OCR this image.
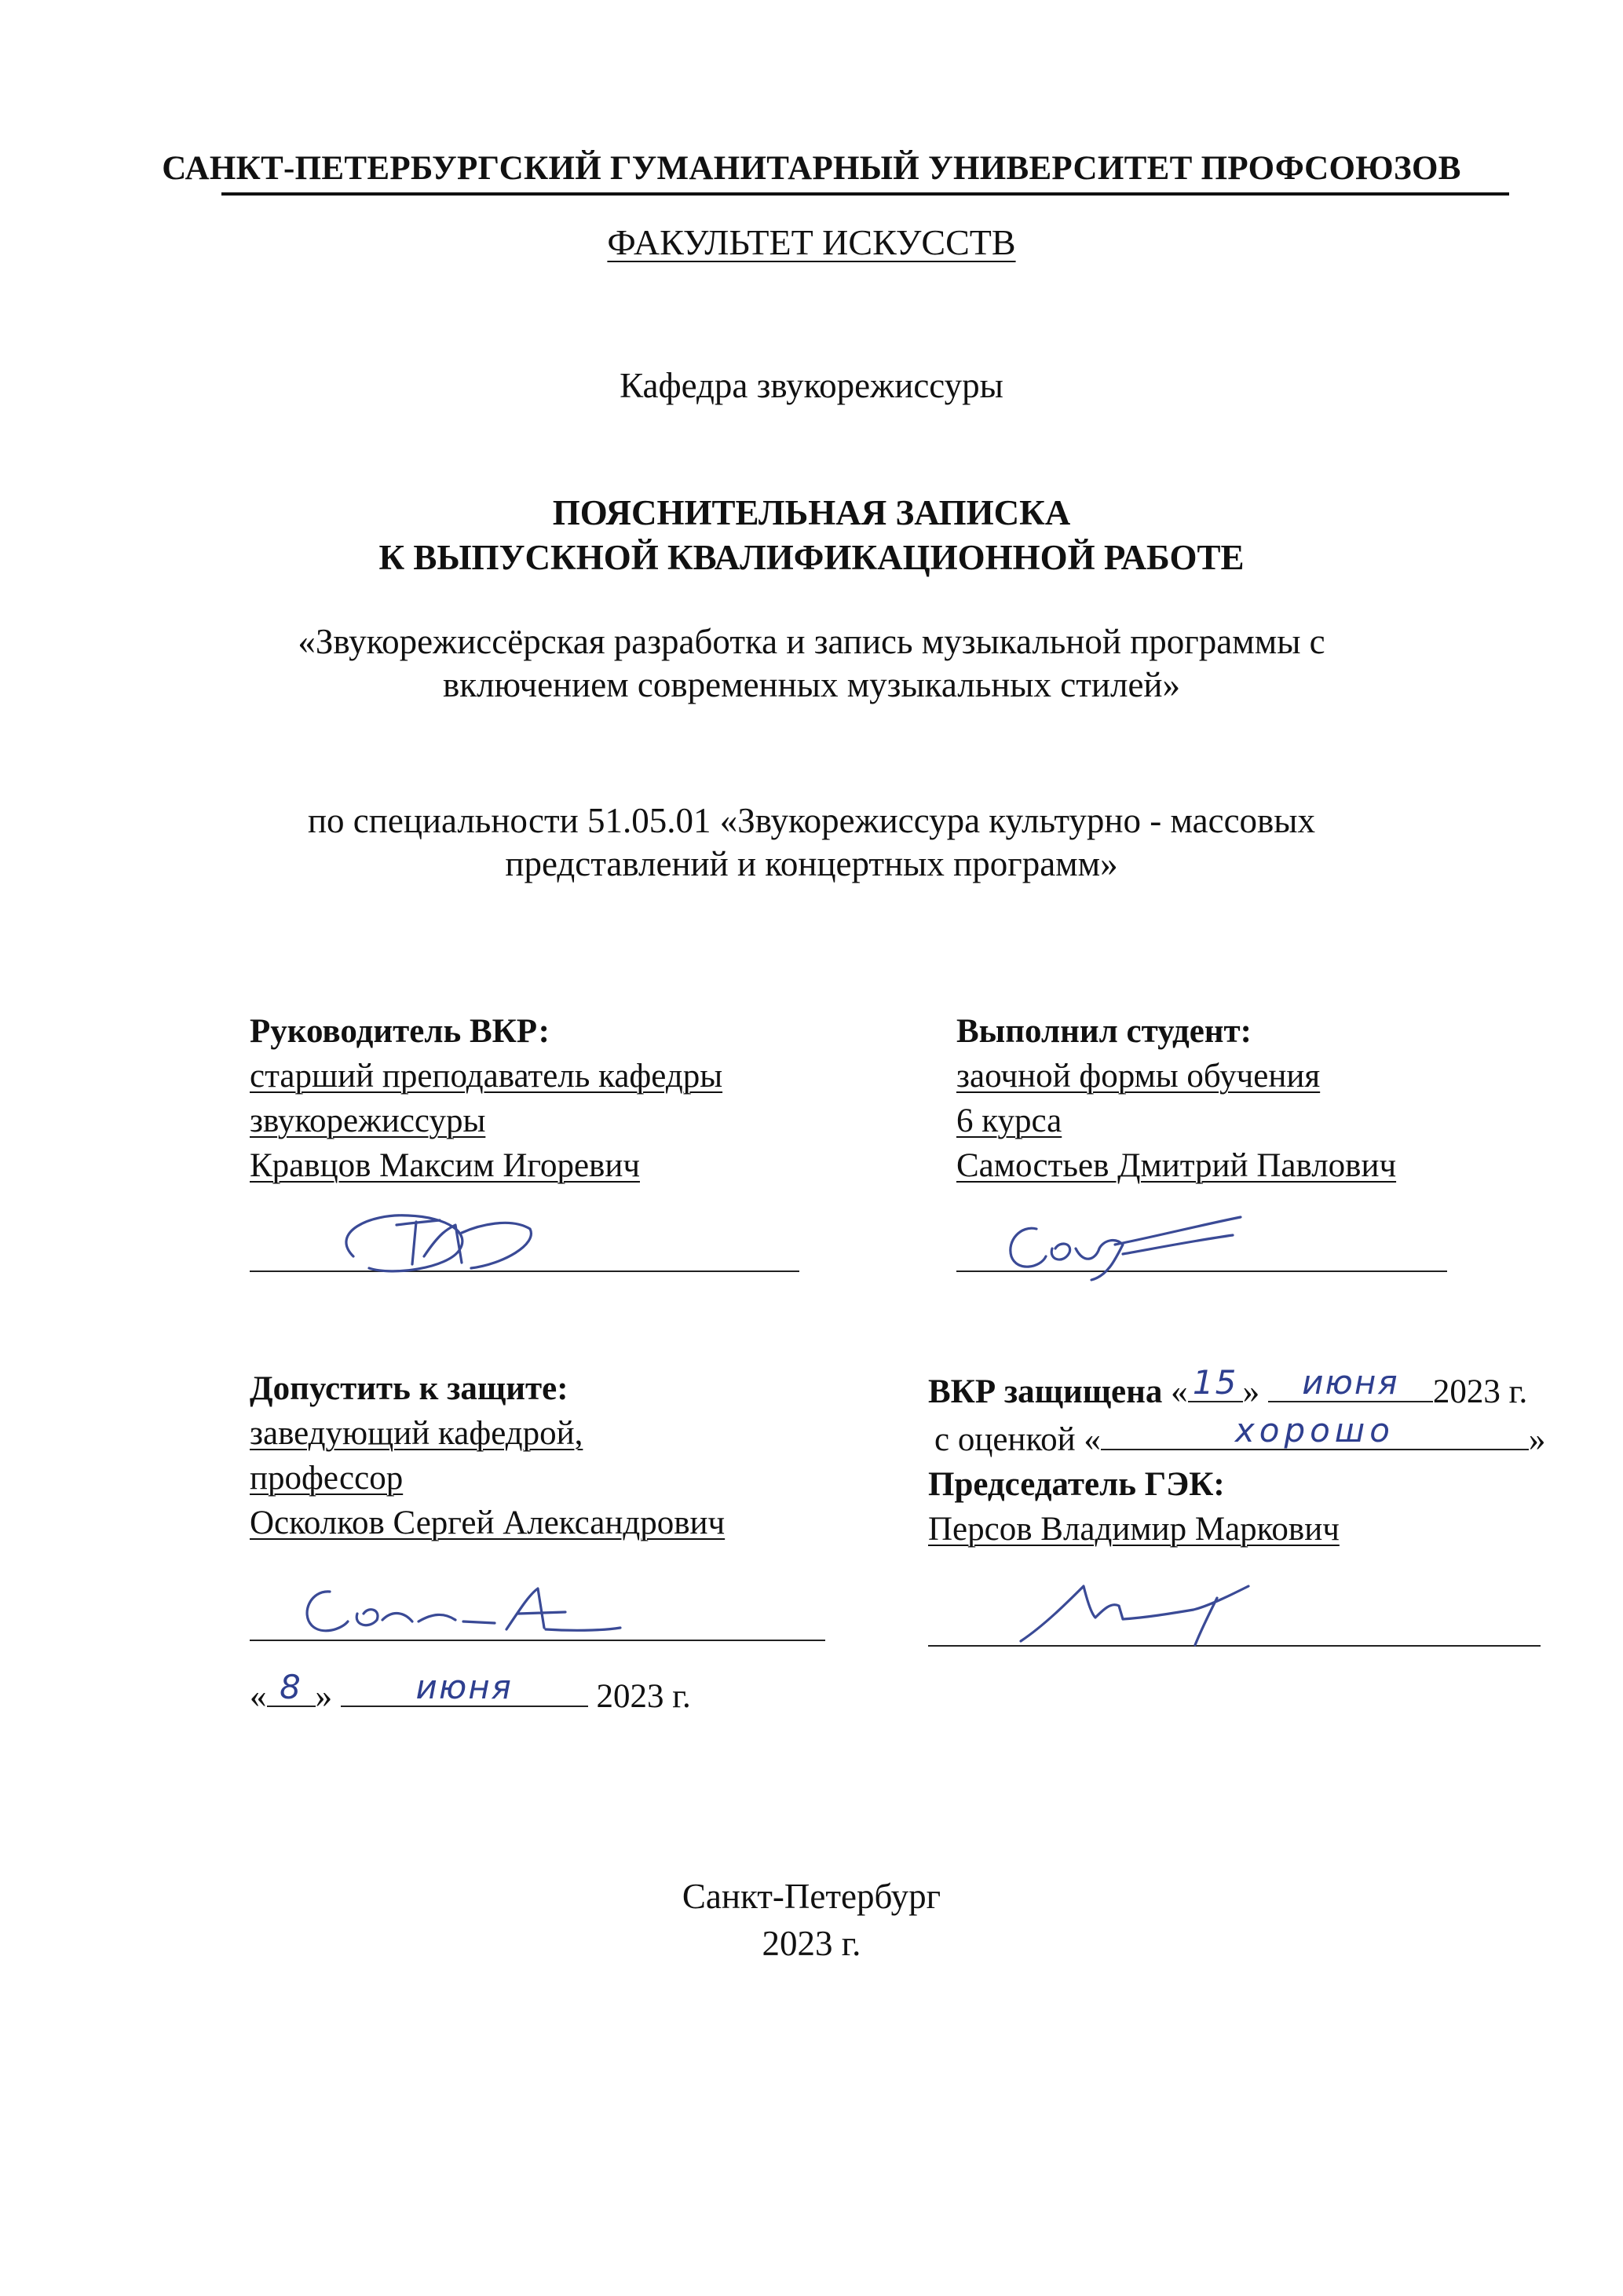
САНКТ-ПЕТЕРБУРГСКИЙ ГУМАНИТАРНЫЙ УНИВЕРСИТЕТ ПРОФСОЮЗОВ
ФАКУЛЬТЕТ ИСКУССТВ
Кафедра звукорежиссуры
ПОЯСНИТЕЛЬНАЯ ЗАПИСКА
К ВЫПУСКНОЙ КВАЛИФИКАЦИОННОЙ РАБОТЕ
«Звукорежиссёрская разработка и запись музыкальной программы с
включением современных музыкальных стилей»
по специальности 51.05.01 «Звукорежиссура культурно - массовых
представлений и концертных программ»
Руководитель ВКР:
старший преподаватель кафедры
звукорежиссуры
Кравцов Максим Игоревич
Выполнил студент:
заочной формы обучения
6 курса
Самостьев Дмитрий Павлович
Допустить к защите:
заведующий кафедрой,
профессор
Осколков Сергей Александрович
« 8 »	июня	2023 г.
ВКР защищена « 15 »	июня	2023 г.
с оценкой «	хорошо	»
Председатель ГЭК:
Персов Владимир Маркович
Санкт-Петербург
2023 г.
